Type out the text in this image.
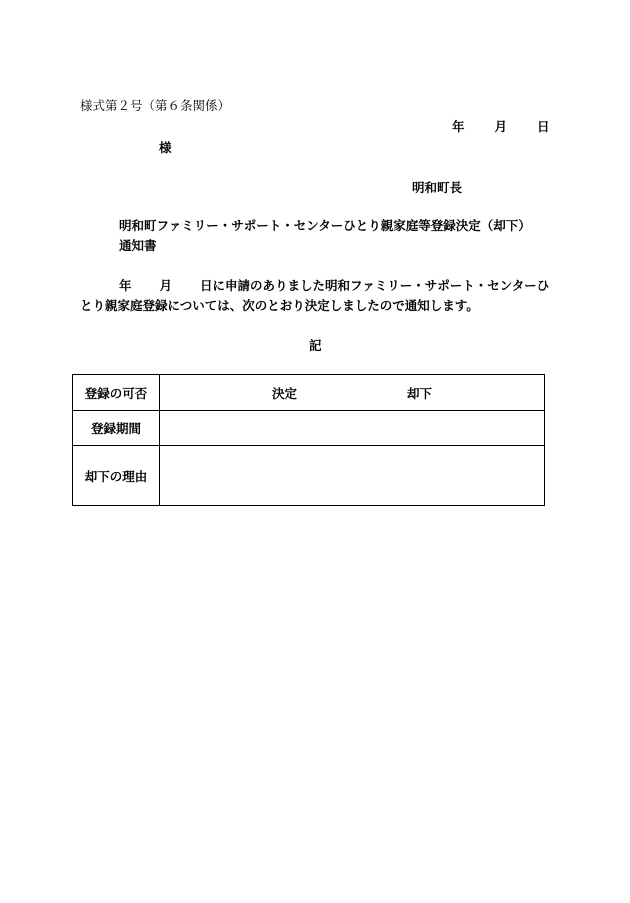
様式第２号（第６条関係）
年 月 日
様
明和町長
明和町ファミリー・サポート・センターひとり親家庭等登録決定（却下）
通知書
年 月 日に申請のありました明和ファミリー・サポート・センターひとり親家庭登録については、次のとおり決定しましたので通知します。
記
登録の可否	決定 却下

登録期間	
却下の理由	
